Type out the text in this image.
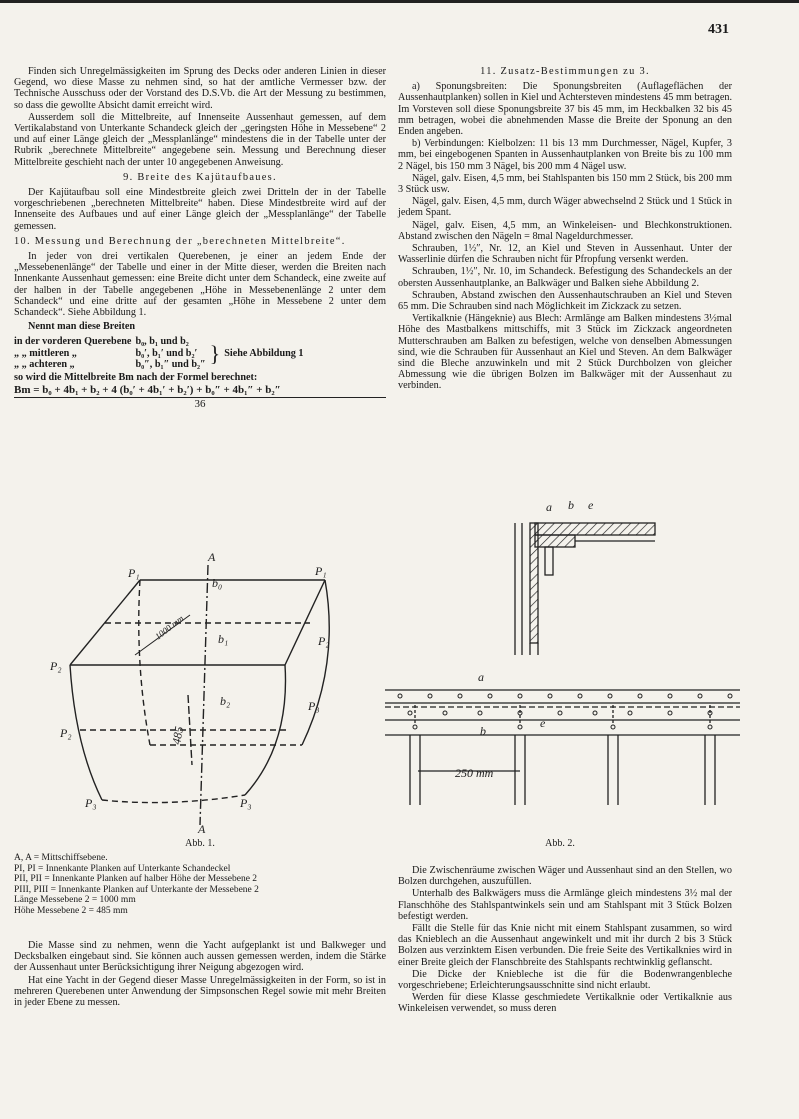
431

Finden sich Unregelmässigkeiten im Sprung des Decks oder anderen Linien in dieser Gegend, wo diese Masse zu nehmen sind, so hat der amtliche Vermesser bzw. der Technische Ausschuss oder der Vorstand des D.S.Vb. die Art der Messung zu bestimmen, so dass die gewollte Absicht damit erreicht wird.

Ausserdem soll die Mittelbreite, auf Innenseite Aussenhaut gemessen, auf dem Vertikalabstand von Unterkante Schandeck gleich der „geringsten Höhe in Messebene“ 2 und auf einer Länge gleich der „Messplanlänge“ mindestens die in der Tabelle unter der Rubrik „berechnete Mittelbreite“ angegebene sein. Messung und Berechnung dieser Mittelbreite geschieht nach der unter 10 angegebenen Anweisung.

9. Breite des Kajütaufbaues.

Der Kajütaufbau soll eine Mindestbreite gleich zwei Dritteln der in der Tabelle vorgeschriebenen „berechneten Mittelbreite“ haben. Diese Mindestbreite wird auf der Innenseite des Aufbaues und auf einer Länge gleich der „Messplanlänge“ der Tabelle gemessen.

10. Messung und Berechnung der „berechneten Mittelbreite“.

In jeder von drei vertikalen Querebenen, je einer an jedem Ende der „Messebenenlänge“ der Tabelle und einer in der Mitte dieser, werden die Breiten nach Innenkante Aussenhaut gemessen: eine Breite dicht unter dem Schandeck, eine zweite auf der halben in der Tabelle angegebenen „Höhe in Messebenenlänge 2 unter dem Schandeck“ und eine dritte auf der gesamten „Höhe in Messebene 2 unter dem Schandeck“. Siehe Abbildung 1.

Nennt man diese Breiten

in der vorderen Querebene	b₀, b₁ und b₂	}	Siehe Abbildung 1
„ „ mittleren „	b₀′, b₁′ und b₂′		
„ „ achteren „	b₀″, b₁″ und b₂″		

so wird die Mittelbreite Bm nach der Formel berechnet:

Bm = b₀ + 4b₁ + b₂ + 4 (b₀′ + 4b₁′ + b₂′) + b₀″ + 4b₁″ + b₂″
36
A
A
P₁	P₁
P₂
P₂
P₂
P₃
P₃	P₃
b₀
b₁
b₂
485
1000 mm
Abb. 1.
A, A = Mittschiffsebene.
PI, PI = Innenkante Planken auf Unterkante Schandeckel
PII, PII = Innenkante Planken auf halber Höhe der Messebene 2
PIII, PIII = Innenkante Planken auf Unterkante der Messebene 2
Länge Messebene 2 = 1000 mm
Höhe Messebene 2 = 485 mm

Die Masse sind zu nehmen, wenn die Yacht aufgeplankt ist und Balkweger und Decksbalken eingebaut sind. Sie können auch aussen gemessen werden, indem die Stärke der Aussenhaut unter Berücksichtigung ihrer Neigung abgezogen wird.

Hat eine Yacht in der Gegend dieser Masse Unregelmässigkeiten in der Form, so ist in mehreren Querebenen unter Anwendung der Simpsonschen Regel sowie mit mehr Breiten in jeder Ebene zu messen.

11. Zusatz-Bestimmungen zu 3.

a) Sponungsbreiten: Die Sponungsbreiten (Auflageflächen der Aussenhautplanken) sollen in Kiel und Achtersteven mindestens 45 mm betragen. Im Vorsteven soll diese Sponungsbreite 37 bis 45 mm, im Heckbalken 32 bis 45 mm betragen, wobei die abnehmenden Masse die Breite der Sponung an den Enden angeben.

b) Verbindungen: Kielbolzen: 11 bis 13 mm Durchmesser, Nägel, Kupfer, 3 mm, bei eingebogenen Spanten in Aussenhautplanken von Breite bis zu 100 mm 2 Nägel, bis 150 mm 3 Nägel, bis 200 mm 4 Nägel usw.

Nägel, galv. Eisen, 4,5 mm, bei Stahlspanten bis 150 mm 2 Stück, bis 200 mm 3 Stück usw.

Nägel, galv. Eisen, 4,5 mm, durch Wäger abwechselnd 2 Stück und 1 Stück in jedem Spant.

Nägel, galv. Eisen, 4,5 mm, an Winkeleisen- und Blechkonstruktionen. Abstand zwischen den Nägeln = 8mal Nageldurchmesser.

Schrauben, 1½″, Nr. 12, an Kiel und Steven in Aussenhaut. Unter der Wasserlinie dürfen die Schrauben nicht für Pfropfung versenkt werden.

Schrauben, 1½″, Nr. 10, im Schandeck. Befestigung des Schandeckels an der obersten Aussenhautplanke, an Balkwäger und Balken siehe Abbildung 2.

Schrauben, Abstand zwischen den Aussenhautschrauben an Kiel und Steven 65 mm. Die Schrauben sind nach Möglichkeit im Zickzack zu setzen.

Vertikalknie (Hängeknie) aus Blech: Armlänge am Balken mindestens 3½mal Höhe des Mastbalkens mittschiffs, mit 3 Stück im Zickzack angeordneten Mutterschrauben am Balken zu befestigen, welche von denselben Abmessungen sind, wie die Schrauben für Aussenhaut an Kiel und Steven. An dem Balkwäger sind die Bleche anzuwinkeln und mit 2 Stück Durchbolzen von gleicher Abmessung wie die übrigen Bolzen im Balkwäger mit der Aussenhaut zu verbinden.

a b e
a
b
e
250 mm
Abb. 2.

Die Zwischenräume zwischen Wäger und Aussenhaut sind an den Stellen, wo Bolzen durchgehen, auszufüllen.

Unterhalb des Balkwägers muss die Armlänge gleich mindestens 3½ mal der Flanschhöhe des Stahlspantwinkels sein und am Stahlspant mit 3 Stück Bolzen befestigt werden.

Fällt die Stelle für das Knie nicht mit einem Stahlspant zusammen, so wird das Knieblech an die Aussenhaut angewinkelt und mit ihr durch 2 bis 3 Stück Bolzen aus verzinktem Eisen verbunden. Die freie Seite des Vertikalknies wird in einer Breite gleich der Flanschbreite des Stahlspants rechtwinklig geflanscht.

Die Dicke der Kniebleche ist die für die Bodenwrangenbleche vorgeschriebene; Erleichterungsausschnitte sind nicht erlaubt.

Werden für diese Klasse geschmiedete Vertikalknie oder Vertikalknie aus Winkeleisen verwendet, so muss deren
